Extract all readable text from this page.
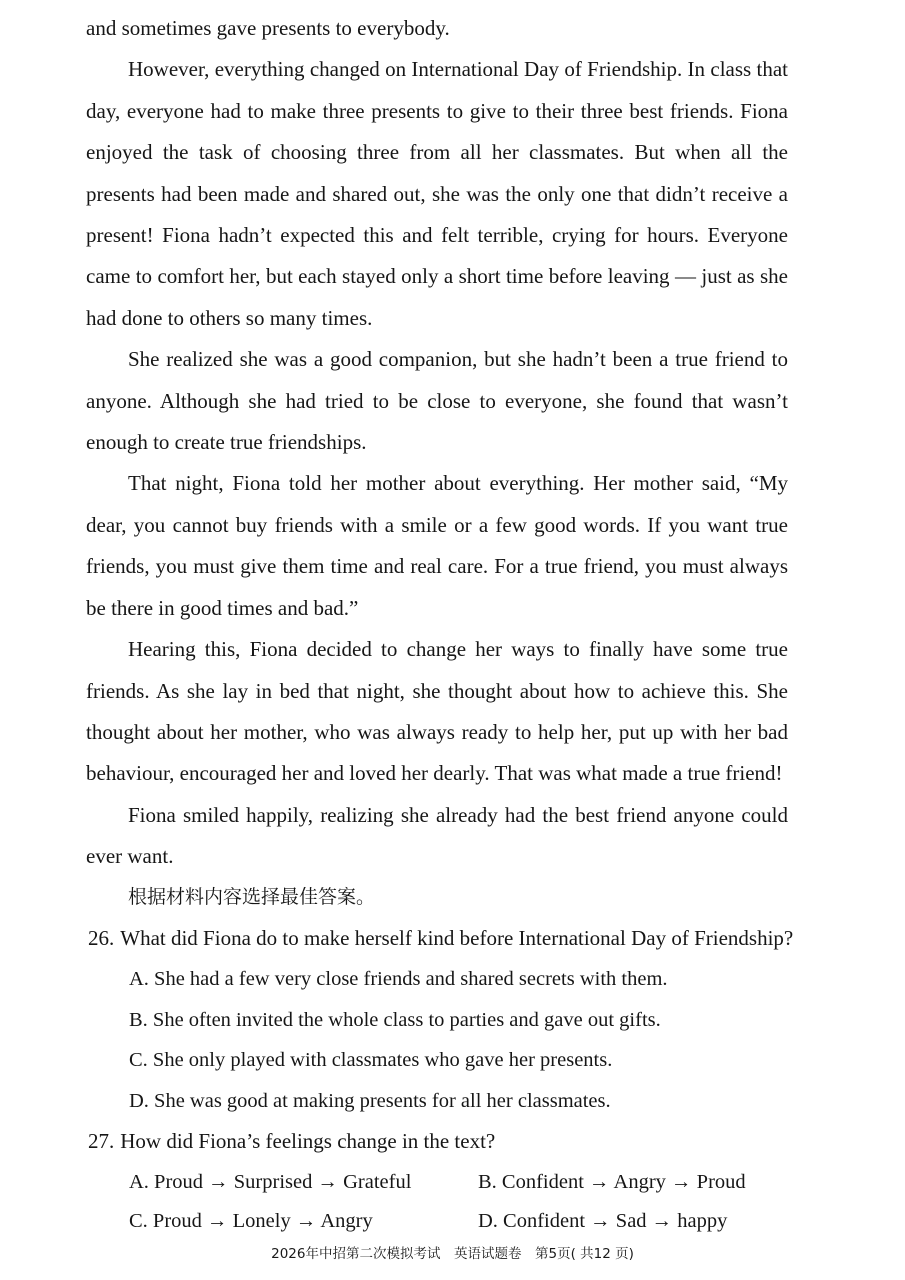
and sometimes gave presents to everybody.

However, everything changed on International Day of Friendship. In class that day, everyone had to make three presents to give to their three best friends. Fiona enjoyed the task of choosing three from all her classmates. But when all the presents had been made and shared out, she was the only one that didn’t receive a present! Fiona hadn’t expected this and felt terrible, crying for hours. Everyone came to comfort her, but each stayed only a short time before leaving — just as she had done to others so many times.

She realized she was a good companion, but she hadn’t been a true friend to anyone. Although she had tried to be close to everyone, she found that wasn’t enough to create true friendships.

That night, Fiona told her mother about everything. Her mother said, “My dear, you cannot buy friends with a smile or a few good words. If you want true friends, you must give them time and real care. For a true friend, you must always be there in good times and bad.”

Hearing this, Fiona decided to change her ways to finally have some true friends. As she lay in bed that night, she thought about how to achieve this. She thought about her mother, who was always ready to help her, put up with her bad behaviour, encouraged her and loved her dearly. That was what made a true friend!

Fiona smiled happily, realizing she already had the best friend anyone could ever want.

根据材料内容选择最佳答案。
26. What did Fiona do to make herself kind before International Day of Friendship?
A. She had a few very close friends and shared secrets with them.
B. She often invited the whole class to parties and gave out gifts.
C. She only played with classmates who gave her presents.
D. She was good at making presents for all her classmates.
27. How did Fiona’s feelings change in the text?
A. Proud → Surprised → Grateful	B. Confident → Angry → Proud
C. Proud → Lonely → Angry	D. Confident → Sad → happy
2026年中招第二次模拟考试　英语试题卷　第5页( 共12 页)
